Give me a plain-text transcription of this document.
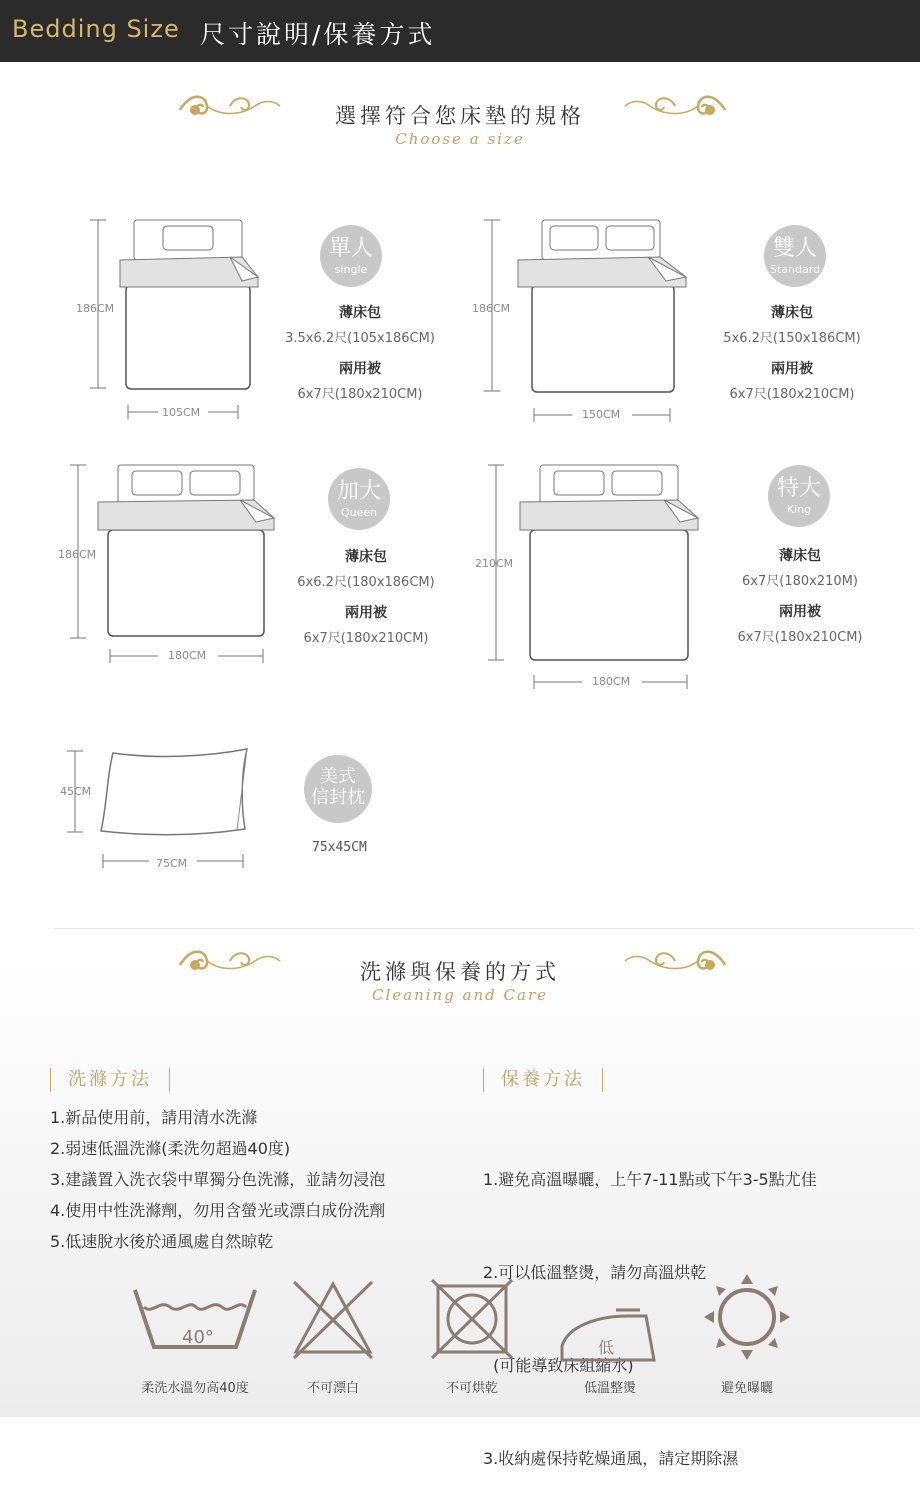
Bedding Size 尺寸說明/保養方式
選擇符合您床墊的規格
Choose a size
186CM
105CM
單人
single
薄床包
3.5x6.2尺(105x186CM)
兩用被
6x7尺(180x210CM)
186CM
150CM
雙人
Standard
薄床包
5x6.2尺(150x186CM)
兩用被
6x7尺(180x210CM)
186CM
180CM
加大
Queen
薄床包
6x6.2尺(180x186CM)
兩用被
6x7尺(180x210CM)
210CM
180CM
特大
King
薄床包
6x7尺(180x210M)
兩用被
6x7尺(180x210CM)
45CM
75CM
美式
信封枕
75x45CM
洗滌與保養的方式
Cleaning and Care
洗滌方法
1.新品使用前，請用清水洗滌
2.弱速低溫洗滌(柔洗勿超過40度)
3.建議置入洗衣袋中單獨分色洗滌，並請勿浸泡
4.使用中性洗滌劑，勿用含螢光或漂白成份洗劑
5.低速脫水後於通風處自然晾乾
保養方法

1.避免高溫曝曬，上午7-11點或下午3-5點尤佳

2.可以低溫整燙，請勿高溫烘乾

(可能導致床組縮水)

3.收納處保持乾燥通風，請定期除濕

40°	低
柔洗水溫勿高40度	不可漂白	不可烘乾	低溫整燙	避免曝曬
